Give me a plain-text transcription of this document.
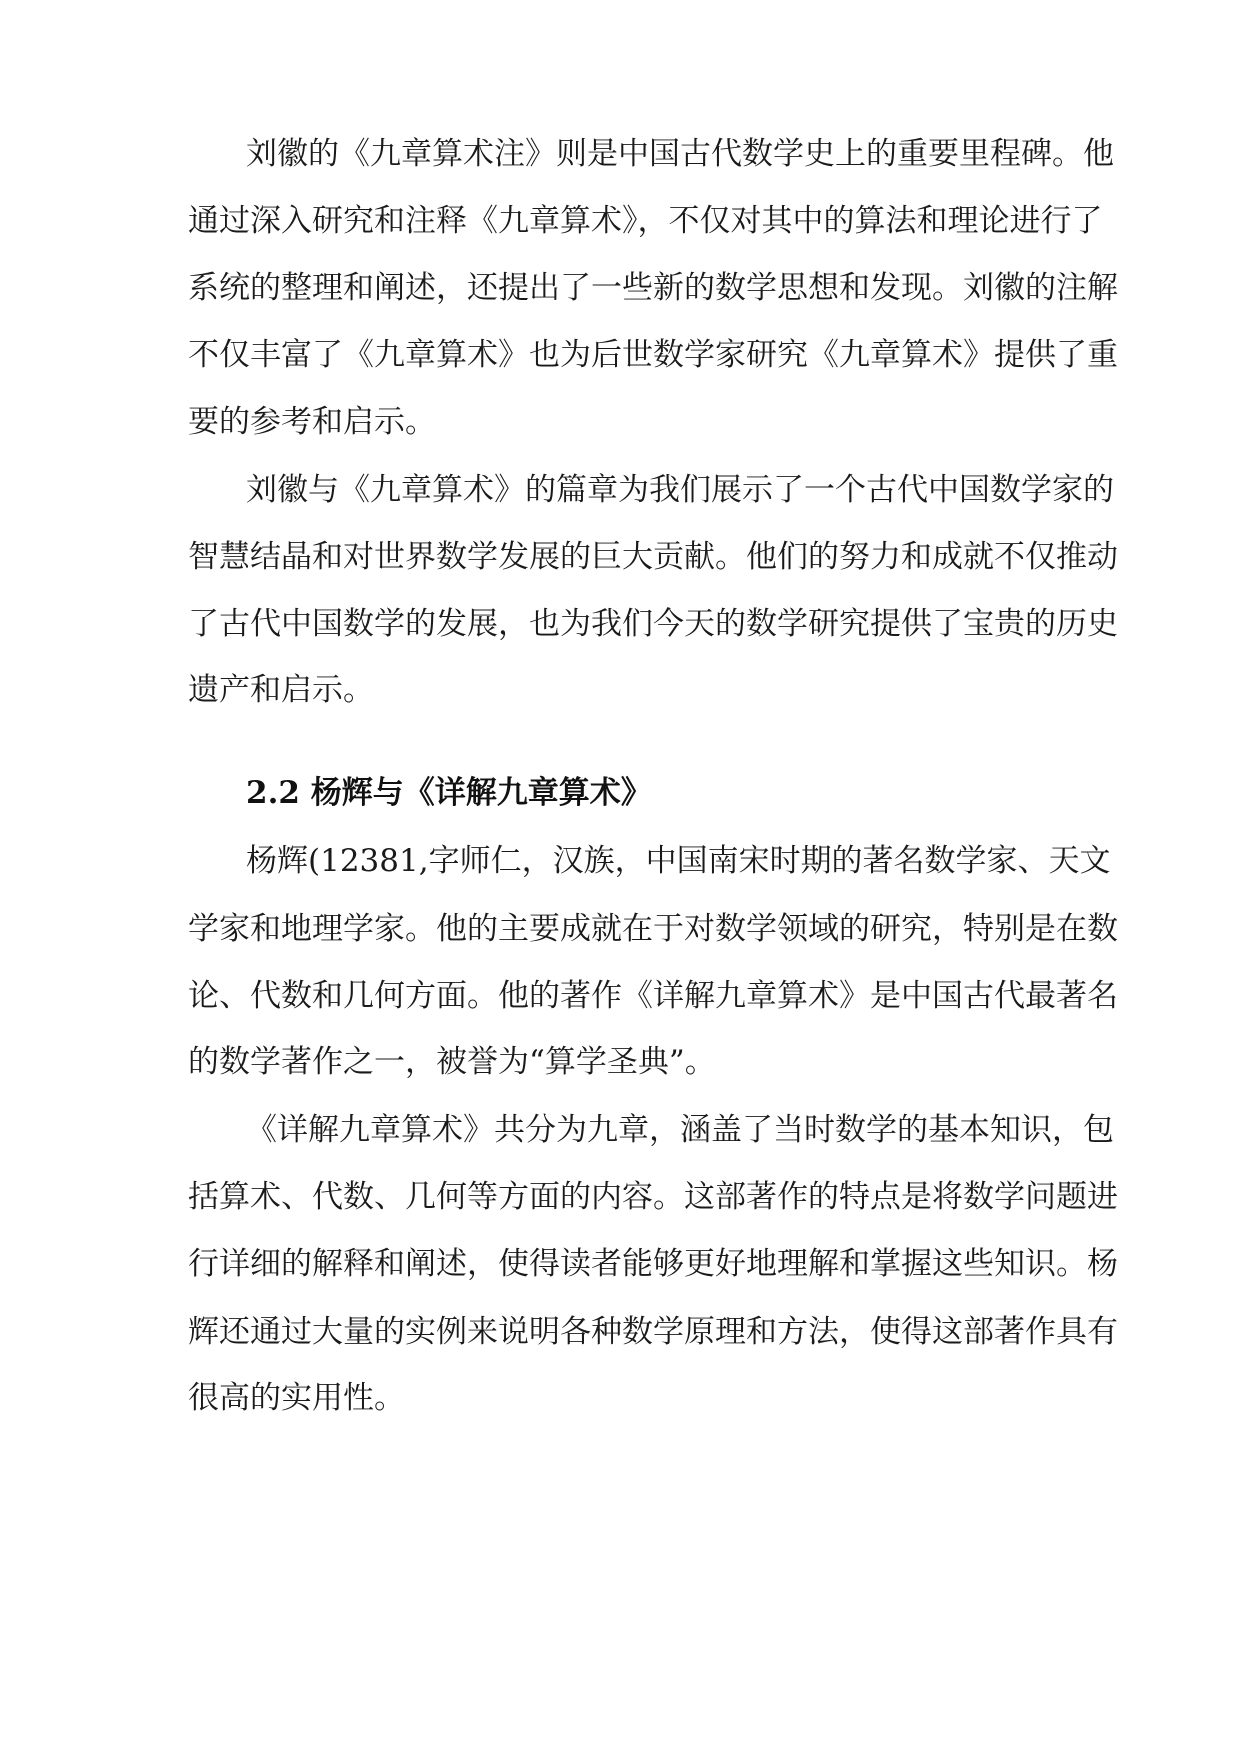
刘徽的《九章算术注》则是中国古代数学史上的重要里程碑。他
通过深入研究和注释《九章算术》，不仅对其中的算法和理论进行了
系统的整理和阐述，还提出了一些新的数学思想和发现。刘徽的注解
不仅丰富了《九章算术》也为后世数学家研究《九章算术》提供了重
要的参考和启示。
刘徽与《九章算术》的篇章为我们展示了一个古代中国数学家的
智慧结晶和对世界数学发展的巨大贡献。他们的努力和成就不仅推动
了古代中国数学的发展，也为我们今天的数学研究提供了宝贵的历史
遗产和启示。
2.2 杨辉与《详解九章算术》
杨辉(12381,字师仁，汉族，中国南宋时期的著名数学家、天文
学家和地理学家。他的主要成就在于对数学领域的研究，特别是在数
论、代数和几何方面。他的著作《详解九章算术》是中国古代最著名
的数学著作之一，被誉为“算学圣典”。
《详解九章算术》共分为九章，涵盖了当时数学的基本知识，包
括算术、代数、几何等方面的内容。这部著作的特点是将数学问题进
行详细的解释和阐述，使得读者能够更好地理解和掌握这些知识。杨
辉还通过大量的实例来说明各种数学原理和方法，使得这部著作具有
很高的实用性。
